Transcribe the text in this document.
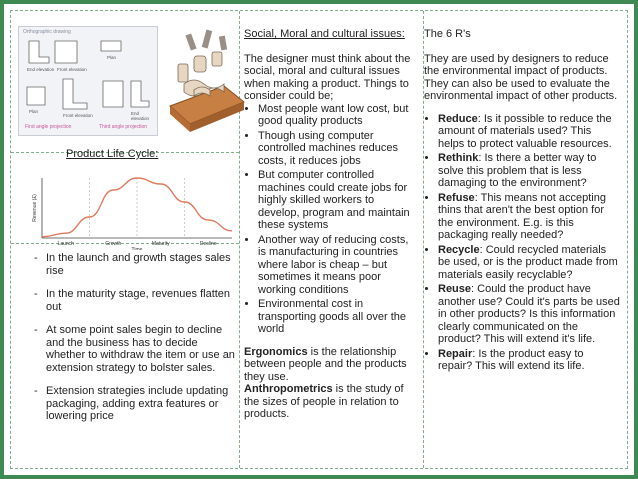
Orthographic drawing
End elevation Front elevation
Plan
Front elevation
Plan	End elevation
First angle projection	Third angle projection
Product Life Cycle:
Launch	Growth	Maturity	Decline
Time
Revenue (£)
- In the launch and growth stages sales rise
- In the maturity stage, revenues flatten out
- At some point sales begin to decline and the business has to decide whether to withdraw the item or use an extension strategy to bolster sales.
- Extension strategies include updating packaging, adding extra features or lowering price

Social, Moral and cultural issues:

The designer must think about the social, moral and cultural issues when making a product. Things to consider could be;

• Most people want low cost, but good quality products
• Though using computer controlled machines reduces costs, it reduces jobs
• But computer controlled machines could create jobs for highly skilled workers to develop, program and maintain these systems
• Another way of reducing costs, is manufacturing in countries where labor is cheap – but sometimes it means poor working conditions
• Environmental cost in transporting goods all over the world

Ergonomics is the relationship between people and the products they use.

Anthropometrics is the study of the sizes of people in relation to products.

The 6 R's

They are used by designers to reduce the environmental impact of products. They can also be used to evaluate the environmental impact of other products.

• Reduce: Is it possible to reduce the amount of materials used? This helps to protect valuable resources.
• Rethink: Is there a better way to solve this problem that is less damaging to the environment?
• Refuse: This means not accepting thins that aren't the best option for the environment. E.g. is this packaging really needed?
• Recycle: Could recycled materials be used, or is the product made from materials easily recyclable?
• Reuse: Could the product have another use? Could it's parts be used in other products? Is this information clearly communicated on the product? This will extend it's life.
• Repair: Is the product easy to repair? This will extend its life.
